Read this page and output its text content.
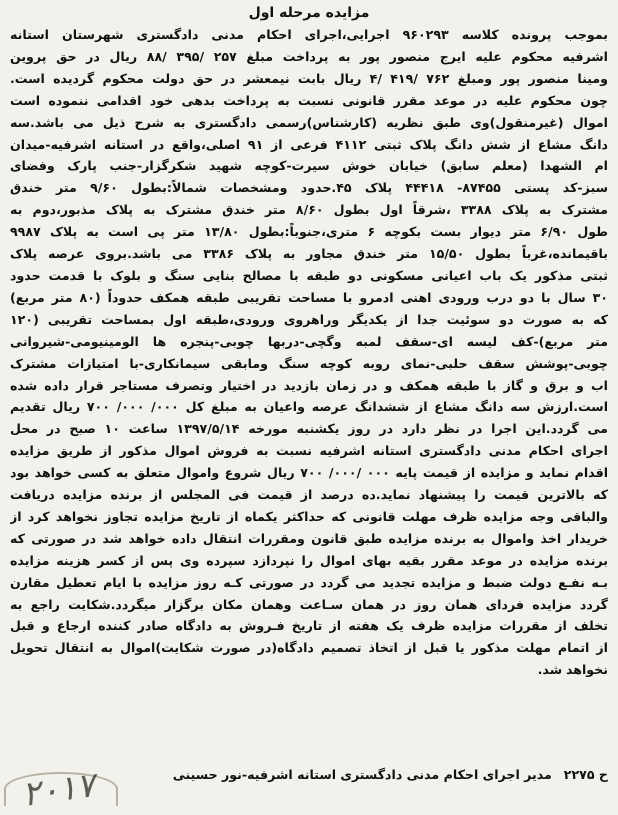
مزایده مرحله اول
بموجب پرونده کلاسه ۹۶۰۲۹۳ اجرایی،اجرای احکام مدنی دادگستری شهرستان استانه
اشرفیه محکوم علیه ایرج منصور پور به پرداخت مبلغ ۲۵۷ /۳۹۵ /۸۸ ریال در حق پروین
ومینا منصور پور ومبلغ ۷۶۲ /۴۱۹ /۴ ریال بابت نیمعشر در حق دولت محکوم گردیده است.
چون محکوم علیه در موعد مقرر قانونی نسبت به پرداخت بدهی خود اقدامی ننموده است
اموال (غیرمنقول)وی طبق نظریه (کارشناس)رسمی دادگستری به شرح ذیل می باشد.سه
دانگ مشاع از شش دانگ پلاک ثبتی ۴۱۱۲ فرعی از ۹۱ اصلی،واقع در استانه اشرفیه-میدان
ام الشهدا (معلم سابق) خیابان خوش سیرت-کوچه شهید شکرگزار-جنب پارک وفضای
سبز-کد پستی ۸۷۴۵۵- ۴۴۴۱۸ پلاک ۴۵.حدود ومشخصات شمالاً:بطول ۹/۶۰ متر خندق
مشترک به پلاک ۳۳۸۸ ،شرقاً اول بطول ۸/۶۰ متر خندق مشترک به پلاک مذبور،دوم به
طول ۶/۹۰ متر دیوار بست بکوچه ۶ متری،جنوباً:بطول ۱۳/۸۰ متر پی است به پلاک ۹۹۸۷
باقیمانده،غرباً بطول ۱۵/۵۰ متر خندق مجاور به پلاک ۳۳۸۶ می باشد.بروی عرصه پلاک
ثبتی مذکور یک باب اعیانی مسکونی دو طبقه با مصالح بنایی سنگ و بلوک با قدمت حدود
۳۰ سال با دو درب ورودی اهنی ادمرو با مساحت تقریبی طبقه همکف حدوداً (۸۰ متر مربع)
که به صورت دو سوئیت جدا از یکدیگر وراهروی ورودی،طبقه اول بمساحت تقریبی (۱۲۰
متر مربع)-کف لیسه ای-سقف لمبه وگچی-دربها چوبی-پنجره ها الومینیومی-شیروانی
چوبی-پوشش سقف حلبی-نمای روبه کوچه سنگ ومابقی سیمانکاری-با امتیازات مشترک
اب و برق و گاز با طبقه همکف و در زمان بازدید در اختیار وتصرف مستاجر قرار داده شده
است.ارزش سه دانگ مشاع از ششدانگ عرصه واعیان به مبلغ کل ۰۰۰/ ۰۰۰/ ۷۰۰ ریال تقدیم
می گردد.این اجرا در نظر دارد در روز یکشنبه مورخه ۱۳۹۷/۵/۱۴ ساعت ۱۰ صبح در محل
اجرای احکام مدنی دادگستری استانه اشرفیه نسبت به فروش اموال مذکور از طریق مزایده
اقدام نماید و مزایده از قیمت پایه ۰۰۰ /۰۰۰/ ۷۰۰ ریال شروع واموال متعلق به کسی خواهد بود
که بالاترین قیمت را پیشنهاد نماید.ده درصد از قیمت فی المجلس از برنده مزایده دریافت
والباقی وجه مزایده ظرف مهلت قانونی که حداکثر یکماه از تاریخ مزایده تجاوز نخواهد کرد از
خریدار اخذ واموال به برنده مزایده طبق قانون ومقررات انتقال داده خواهد شد در صورتی که
برنده مزایده در موعد مقرر بقیه بهای اموال را نپردازد سپرده وی پس از کسر هزینه مزایده
بـه نفـع دولت ضبط و مزایده تجدید می گردد در صورتی کـه روز مزایده با ایام تعطیل مقارن
گردد مزایده فردای همان روز در همان سـاعت وهمان مکان برگزار میگردد.شکایت راجع به
تخلف از مقررات مزایده ظرف یک هفته از تاریخ فـروش به دادگاه صادر کننده ارجاع و قبل
از اتمام مهلت مذکور یا قبل از اتخاذ تصمیم دادگاه(در صورت شکایت)اموال به انتقال تحویل
نخواهد شد.
ح ۲۲۷۵
مدیر اجرای احکام مدنی دادگستری استانه اشرفیه-نور حسینی
۲۰۱۷
